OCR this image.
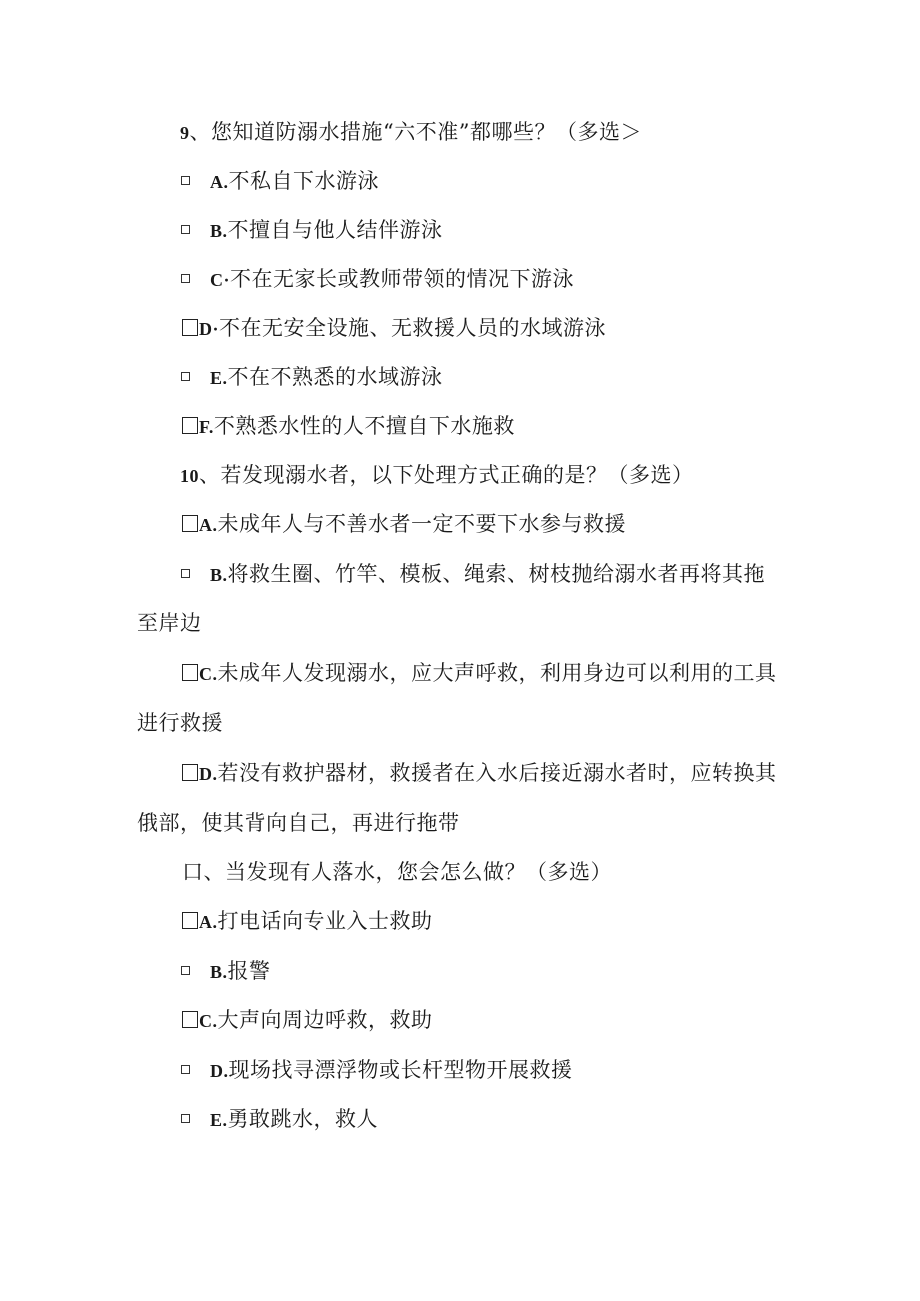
9、您知道防溺水措施“六不准”都哪些？（多选＞
A.不私自下水游泳
B.不擅自与他人结伴游泳
C·不在无家长或教师带领的情况下游泳
D·不在无安全设施、无救援人员的水域游泳
E.不在不熟悉的水域游泳
F.不熟悉水性的人不擅自下水施救
10、若发现溺水者，以下处理方式正确的是？（多选）
A.未成年人与不善水者一定不要下水参与救援
B.将救生圈、竹竿、模板、绳索、树枝抛给溺水者再将其拖
至岸边
C.未成年人发现溺水，应大声呼救，利用身边可以利用的工具
进行救援
D.若没有救护器材，救援者在入水后接近溺水者时，应转换其
俄部，使其背向自己，再进行拖带
口、当发现有人落水，您会怎么做？（多选）
A.打电话向专业入士救助
B.报警
C.大声向周边呼救，救助
D.现场找寻漂浮物或长杆型物开展救援
E.勇敢跳水，救人
